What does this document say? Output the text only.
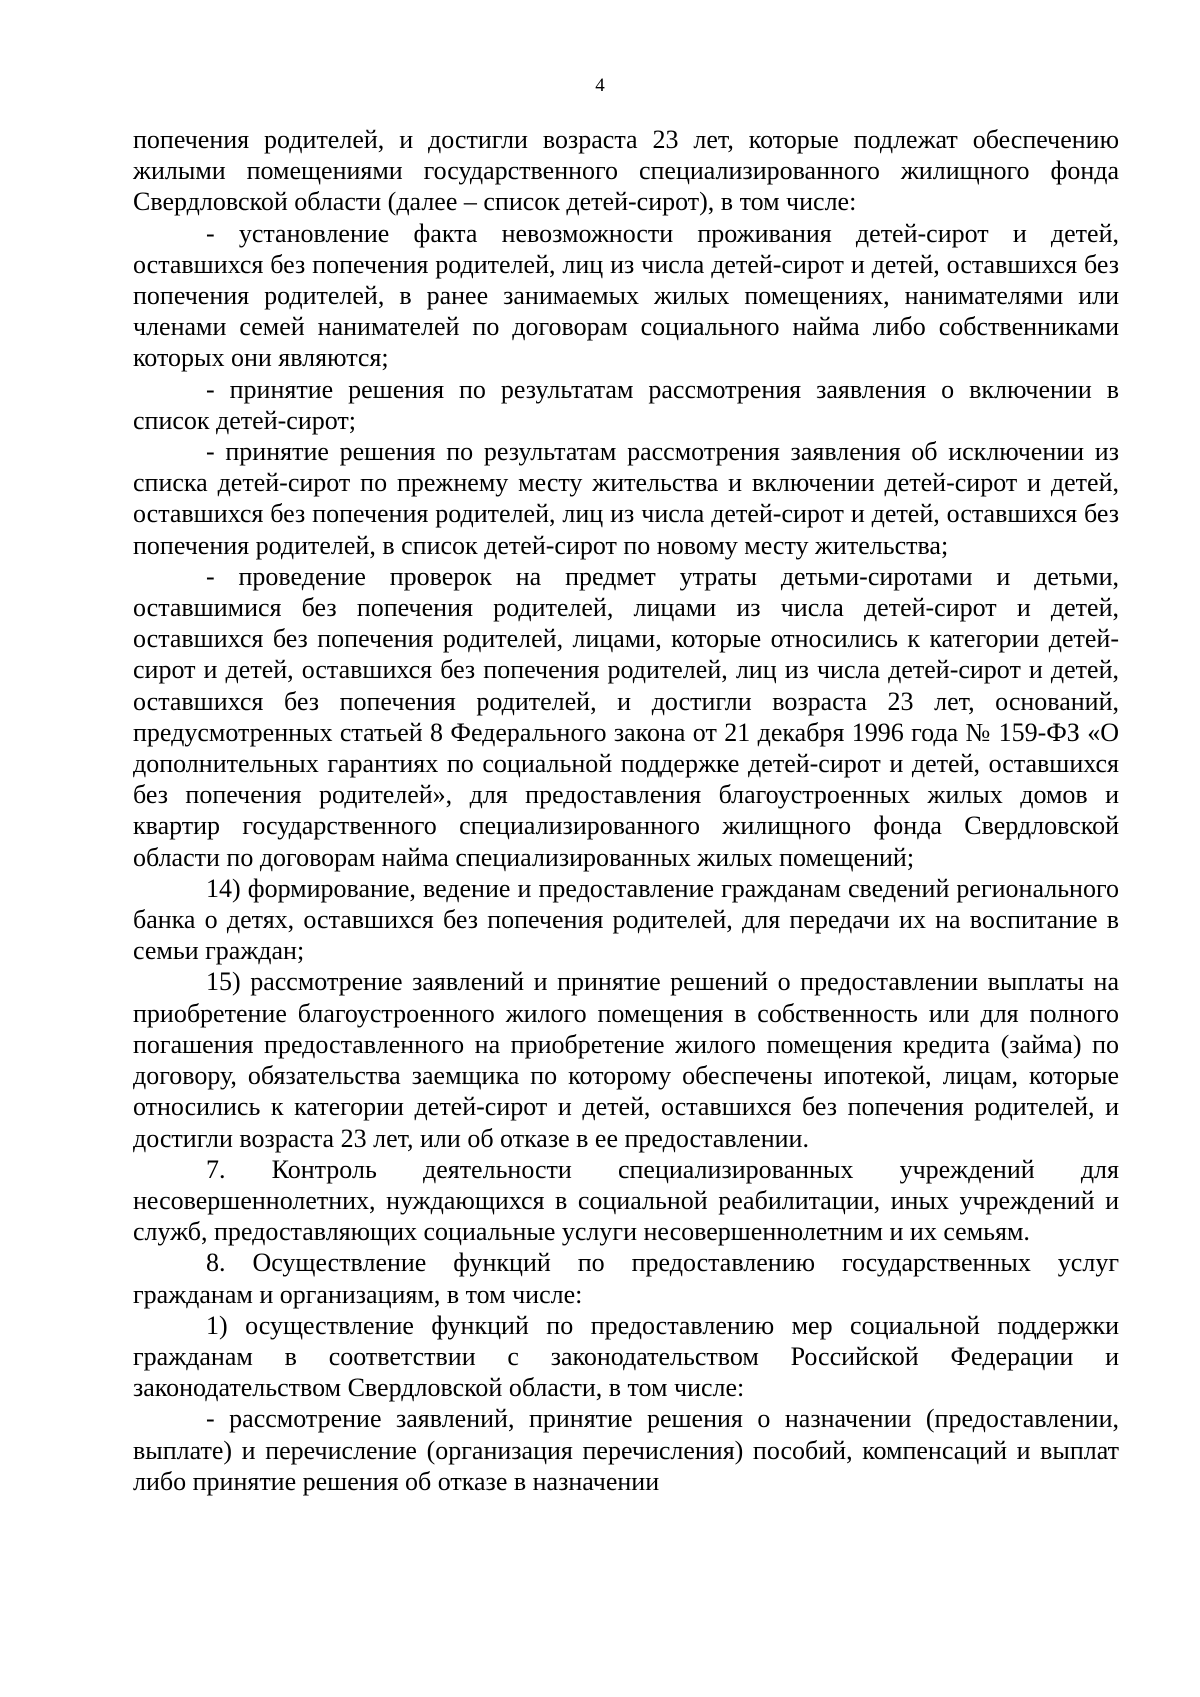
4

попечения родителей, и достигли возраста 23 лет, которые подлежат обеспечению жилыми помещениями государственного специализированного жилищного фонда Свердловской области (далее – список детей-сирот), в том числе:

- установление факта невозможности проживания детей-сирот и детей, оставшихся без попечения родителей, лиц из числа детей-сирот и детей, оставшихся без попечения родителей, в ранее занимаемых жилых помещениях, нанимателями или членами семей нанимателей по договорам социального найма либо собственниками которых они являются;

- принятие решения по результатам рассмотрения заявления о включении в список детей-сирот;

- принятие решения по результатам рассмотрения заявления об исключении из списка детей-сирот по прежнему месту жительства и включении детей-сирот и детей, оставшихся без попечения родителей, лиц из числа детей-сирот и детей, оставшихся без попечения родителей, в список детей-сирот по новому месту жительства;

- проведение проверок на предмет утраты детьми-сиротами и детьми, оставшимися без попечения родителей, лицами из числа детей-сирот и детей, оставшихся без попечения родителей, лицами, которые относились к категории детей-сирот и детей, оставшихся без попечения родителей, лиц из числа детей-сирот и детей, оставшихся без попечения родителей, и достигли возраста 23 лет, оснований, предусмотренных статьей 8 Федерального закона от 21 декабря 1996 года № 159-ФЗ «О дополнительных гарантиях по социальной поддержке детей-сирот и детей, оставшихся без попечения родителей», для предоставления благоустроенных жилых домов и квартир государственного специализированного жилищного фонда Свердловской области по договорам найма специализированных жилых помещений;

14) формирование, ведение и предоставление гражданам сведений регионального банка о детях, оставшихся без попечения родителей, для передачи их на воспитание в семьи граждан;

15) рассмотрение заявлений и принятие решений о предоставлении выплаты на приобретение благоустроенного жилого помещения в собственность или для полного погашения предоставленного на приобретение жилого помещения кредита (займа) по договору, обязательства заемщика по которому обеспечены ипотекой, лицам, которые относились к категории детей-сирот и детей, оставшихся без попечения родителей, и достигли возраста 23 лет, или об отказе в ее предоставлении.

7. Контроль деятельности специализированных учреждений для несовершеннолетних, нуждающихся в социальной реабилитации, иных учреждений и служб, предоставляющих социальные услуги несовершеннолетним и их семьям.

8. Осуществление функций по предоставлению государственных услуг гражданам и организациям, в том числе:

1) осуществление функций по предоставлению мер социальной поддержки гражданам в соответствии с законодательством Российской Федерации и законодательством Свердловской области, в том числе:

- рассмотрение заявлений, принятие решения о назначении (предоставлении, выплате) и перечисление (организация перечисления) пособий, компенсаций и выплат либо принятие решения об отказе в назначении
